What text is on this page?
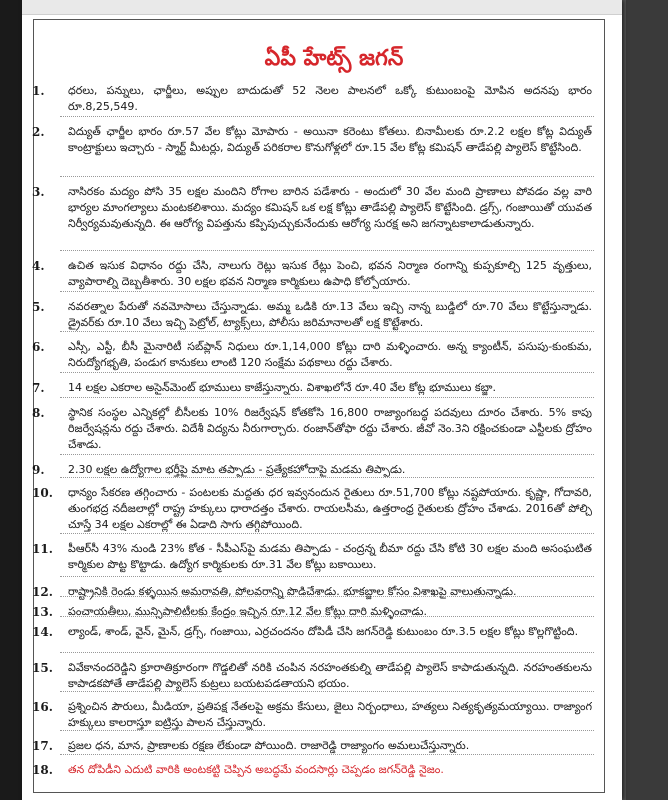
ఏపీ హేట్స్ జగన్
1.	ధరలు, పన్నులు, ఛార్జీలు, అప్పుల బాదుడుతో 52 నెలల పాలనలో ఒక్కో కుటుంబంపై మోపిన అదనపు భారం రూ.8,25,549.
2.	విద్యుత్ ఛార్జీల భారం రూ.57 వేల కోట్లు మోపారు - అయినా కరెంటు కోతలు. బినామీలకు రూ.2.2 లక్షల కోట్ల విద్యుత్ కాంట్రాక్టులు ఇచ్చారు - స్మార్ట్ మీటర్లు, విద్యుత్ పరికరాల కొనుగోళ్లలో రూ.15 వేల కోట్ల కమిషన్ తాడేపల్లి ప్యాలెస్ కొట్టేసింది.
3.	నాసిరకం మద్యం పోసి 35 లక్షల మందిని రోగాల బారిన పడేశారు - అందులో 30 వేల మంది ప్రాణాలు పోవడం వల్ల వారి భార్యల మాంగల్యాలు మంటకలిశాయి. మద్యం కమిషన్ ఒక లక్ష కోట్లు తాడేపల్లి ప్యాలెస్ కొట్టేసింది. డ్రగ్స్, గంజాయితో యువత నిర్వీర్యమవుతున్నది. ఈ ఆరోగ్య విపత్తును కప్పిపుచ్చుకునేందుకు ఆరోగ్య సురక్ష అని జగన్నాటకాలాడుతున్నారు.
4.	ఉచిత ఇసుక విధానం రద్దు చేసి, నాలుగు రెట్లు ఇసుక రేట్లు పెంచి, భవన నిర్మాణ రంగాన్ని కుప్పకూల్చి 125 వృత్తులు, వ్యాపారాల్ని దెబ్బతీశారు. 30 లక్షల భవన నిర్మాణ కార్మికులు ఉపాధి కోల్పోయారు.
5.	నవరత్నాల పేరుతో నవమోసాలు చేస్తున్నాడు. అమ్మ ఒడికి రూ.13 వేలు ఇచ్చి నాన్న బుడ్డిలో రూ.70 వేలు కొట్టేస్తున్నాడు. డ్రైవర్‌కు రూ.10 వేలు ఇచ్చి పెట్రోల్, ట్యాక్స్‌లు, పోలీసు జరిమానాలతో లక్ష కొట్టేశారు.
6.	ఎస్సీ, ఎస్టీ, బీసీ మైనారిటీ సబ్‌ప్లాన్ నిధులు రూ.1,14,000 కోట్లు దారి మళ్ళించారు. అన్న క్యాంటీన్, పసుపు-కుంకుమ, నిరుద్యోగభృతి, పండుగ కానుకలు లాంటి 120 సంక్షేమ పథకాలు రద్దు చేశారు.
7.	14 లక్షల ఎకరాల అసైన్‌మెంట్ భూములు కాజేస్తున్నారు. విశాఖలోనే రూ.40 వేల కోట్ల భూములు కబ్జా.
8.	స్థానిక సంస్థల ఎన్నికల్లో బీసీలకు 10% రిజర్వేషన్ కోతకోసి 16,800 రాజ్యాంగబద్ధ పదవులు దూరం చేశారు. 5% కాపు రిజర్వేషన్లను రద్దు చేశారు. విదేశీ విద్యను నీరుగార్చారు. రంజాన్‌తోఫా రద్దు చేశారు. జీవో నెం.3ని రక్షించకుండా ఎస్టీలకు ద్రోహం చేశాడు.
9.	2.30 లక్షల ఉద్యోగాల భర్తీపై మాట తప్పాడు - ప్రత్యేకహోదాపై మడమ తిప్పాడు.
10.	ధాన్యం సేకరణ తగ్గించారు - పంటలకు మద్దతు ధర ఇవ్వనందున రైతులు రూ.51,700 కోట్లు నష్టపోయారు. కృష్ణా, గోదావరి, తుంగభద్ర నదీజలాల్లో రాష్ట్ర హక్కులు ధారాదత్తం చేశారు. రాయలసీమ, ఉత్తరాంధ్ర రైతులకు ద్రోహం చేశాడు. 2016తో పోల్చి చూస్తే 34 లక్షల ఎకరాల్లో ఈ ఏడాది సాగు తగ్గిపోయింది.
11.	పీఆర్‌సీ 43% నుండి 23% కోత - సీపీఎస్‌పై మడమ తిప్పాడు - చంద్రన్న బీమా రద్దు చేసి కోటి 30 లక్షల మంది అసంఘటిత కార్మికుల పొట్ట కొట్టాడు. ఉద్యోగ కార్మికులకు రూ.31 వేల కోట్లు బకాయిలు.
12.	రాష్ట్రానికి రెండు కళ్ళయిన అమరావతి, పోలవరాన్ని పొడిచేశాడు. భూకబ్జాల కోసం విశాఖపై వాలుతున్నాడు.
13.	పంచాయతీలు, మున్సిపాలిటీలకు కేంద్రం ఇచ్చిన రూ.12 వేల కోట్లు దారి మళ్ళించాడు.
14.	ల్యాండ్, శాండ్, వైన్, మైన్, డ్రగ్స్, గంజాయి, ఎర్రచందనం దోపిడీ చేసి జగన్‌రెడ్డి కుటుంబం రూ.3.5 లక్షల కోట్లు కొల్లగొట్టింది.
15.	వివేకానందరెడ్డిని క్రూరాతిక్రూరంగా గొడ్డలితో నరికి చంపిన నరహంతకుల్ని తాడేపల్లి ప్యాలెస్ కాపాడుతున్నది. నరహంతకులను కాపాడకపోతే తాడేపల్లి ప్యాలెస్ కుట్రలు బయటపడతాయని భయం.
16.	ప్రశ్నించిన పౌరులు, మీడియా, ప్రతిపక్ష నేతలపై అక్రమ కేసులు, జైలు నిర్బంధాలు, హత్యలు నిత్యకృత్యమయ్యాయి. రాజ్యాంగ హక్కులు కాలరాస్తూ ఐట్రిస్తు పాలన చేస్తున్నారు.
17.	ప్రజల ధన, మాన, ప్రాణాలకు రక్షణ లేకుండా పోయింది. రాజారెడ్డి రాజ్యాంగం అమలుచేస్తున్నారు.
18.	తన దోపిడీని ఎదుటి వారికి అంటకట్టి చెప్పిన అబద్ధమే వందసార్లు చెప్పడం జగన్‌రెడ్డి నైజం.
